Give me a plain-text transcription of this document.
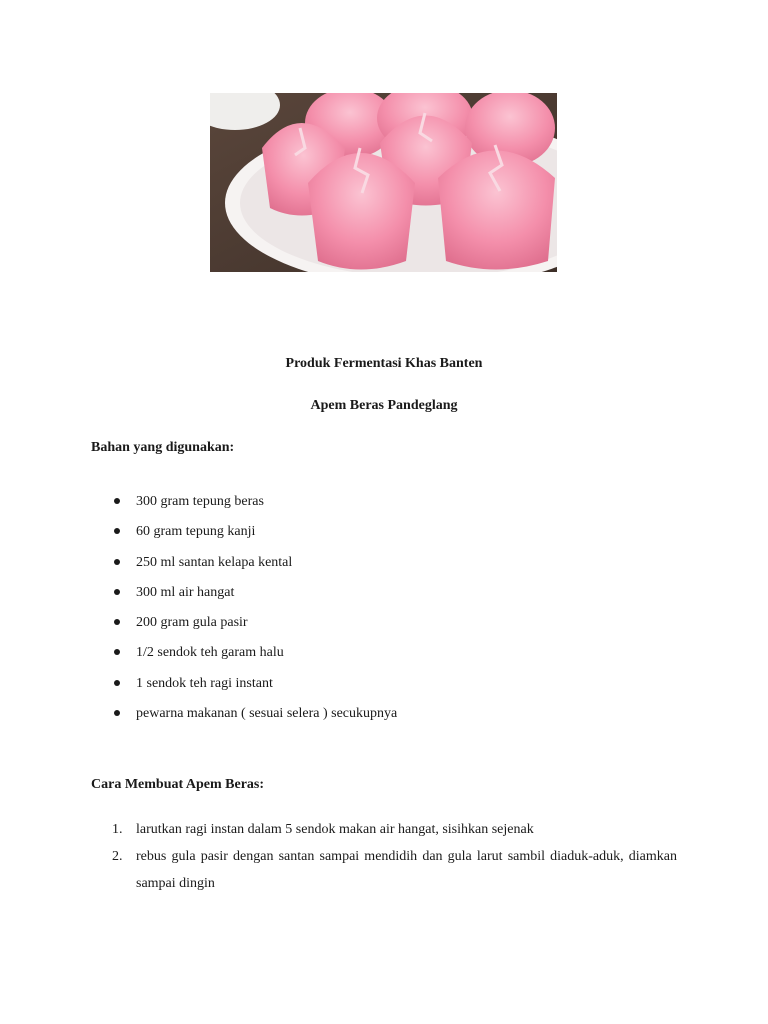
Produk Fermentasi Khas Banten
Apem Beras Pandeglang
Bahan yang digunakan:
300 gram tepung beras
60 gram tepung kanji
250 ml santan kelapa kental
300 ml air hangat
200 gram gula pasir
1/2 sendok teh garam halu
1 sendok teh ragi instant
pewarna makanan ( sesuai selera ) secukupnya
Cara Membuat Apem Beras:
1. larutkan ragi instan dalam 5 sendok makan air hangat, sisihkan sejenak
2. rebus gula pasir dengan santan sampai mendidih dan gula larut sambil diaduk-aduk, diamkan sampai dingin
